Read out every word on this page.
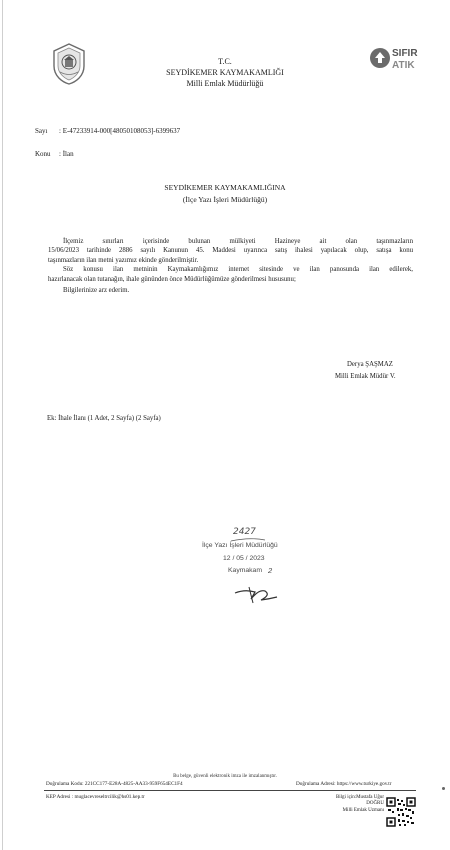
SIFIR
ATIK
T.C.
SEYDİKEMER KAYMAKAMLIĞI
Milli Emlak Müdürlüğü
Sayı : E-47233914-000[48050108053]-6399637
Konu : İlan
SEYDİKEMER KAYMAKAMLIĞINA
(İlçe Yazı İşleri Müdürlüğü)

İlçemiz sınırları içerisinde bulunan mülkiyeti Hazineye ait olan taşınmazların

15/06/2023 tarihinde 2886 sayılı Kanunun 45. Maddesi uyarınca satış ihalesi yapılacak olup, satışa konu

taşınmazların ilan metni yazımız ekinde gönderilmiştir.

Söz konusu ilan metninin Kaymakamlığımız internet sitesinde ve ilan panosunda ilan edilerek,

hazırlanacak olan tutanağın, ihale gününden önce Müdürlüğümüze gönderilmesi hususunu;

Bilgilerinize arz ederim.

Derya ŞAŞMAZ
Milli Emlak Müdür V.
Ek: İhale İlanı (1 Adet, 2 Sayfa) (2 Sayfa)
2427
İlçe Yazı İşleri Müdürlüğü
12 / 05 / 2023
Kaymakam 2
Bu belge, güvenli elektronik imza ile imzalanmıştır.
Doğrulama Kodu: 221CC177-E28A-4825-AA33-959F654EC1F4	Doğrulama Adresi: https://www.turkiye.gov.tr
KEP Adresi : muglacevreseltrcilik@hs01.kep.tr	Bilgi için:Mustafa Uğur
DOĞRU
Milli Emlak Uzmanı
